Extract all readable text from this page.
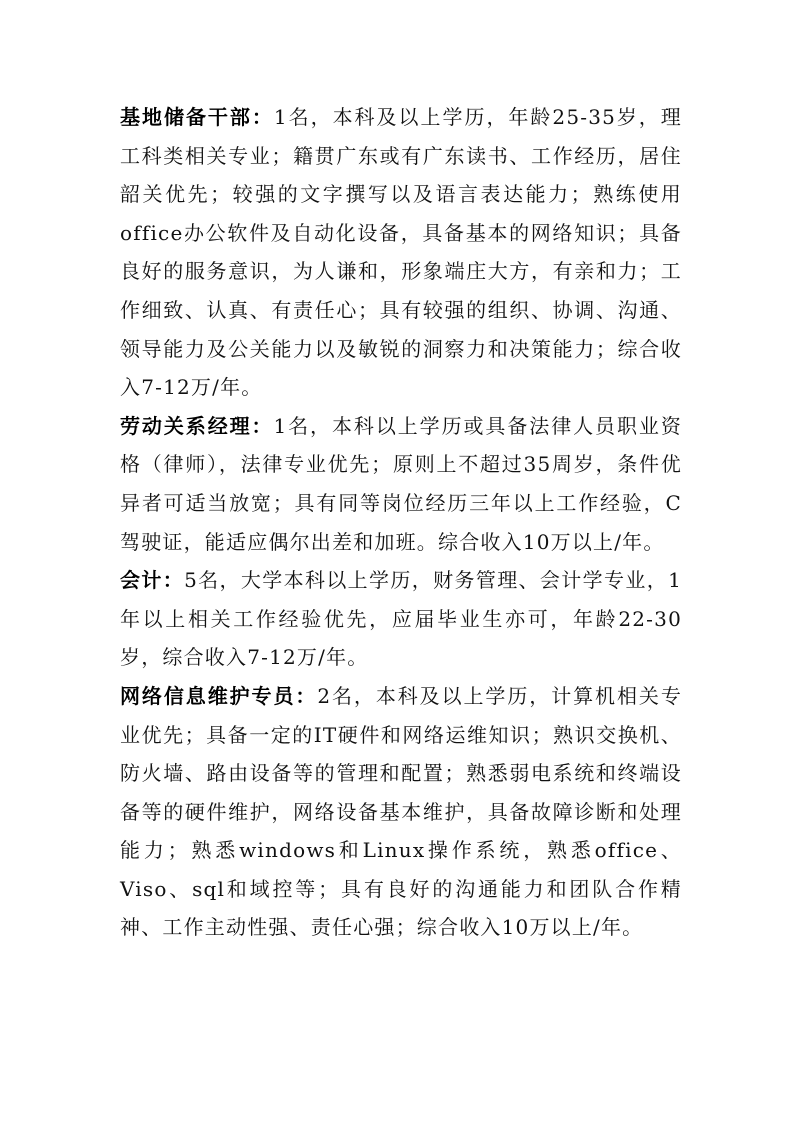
基地储备干部：1名，本科及以上学历，年龄25-35岁，理工科类相关专业；籍贯广东或有广东读书、工作经历，居住韶关优先；较强的文字撰写以及语言表达能力；熟练使用office办公软件及自动化设备，具备基本的网络知识；具备良好的服务意识，为人谦和，形象端庄大方，有亲和力；工作细致、认真、有责任心；具有较强的组织、协调、沟通、领导能力及公关能力以及敏锐的洞察力和决策能力；综合收入7-12万/年。

劳动关系经理：1名，本科以上学历或具备法律人员职业资格（律师），法律专业优先；原则上不超过35周岁，条件优异者可适当放宽；具有同等岗位经历三年以上工作经验，C驾驶证，能适应偶尔出差和加班。综合收入10万以上/年。

会计：5名，大学本科以上学历，财务管理、会计学专业，1年以上相关工作经验优先，应届毕业生亦可，年龄22-30岁，综合收入7-12万/年。

网络信息维护专员：2名，本科及以上学历，计算机相关专业优先；具备一定的IT硬件和网络运维知识；熟识交换机、防火墙、路由设备等的管理和配置；熟悉弱电系统和终端设备等的硬件维护，网络设备基本维护，具备故障诊断和处理能力；熟悉windows和Linux操作系统，熟悉office、Viso、sql和域控等；具有良好的沟通能力和团队合作精神、工作主动性强、责任心强；综合收入10万以上/年。
